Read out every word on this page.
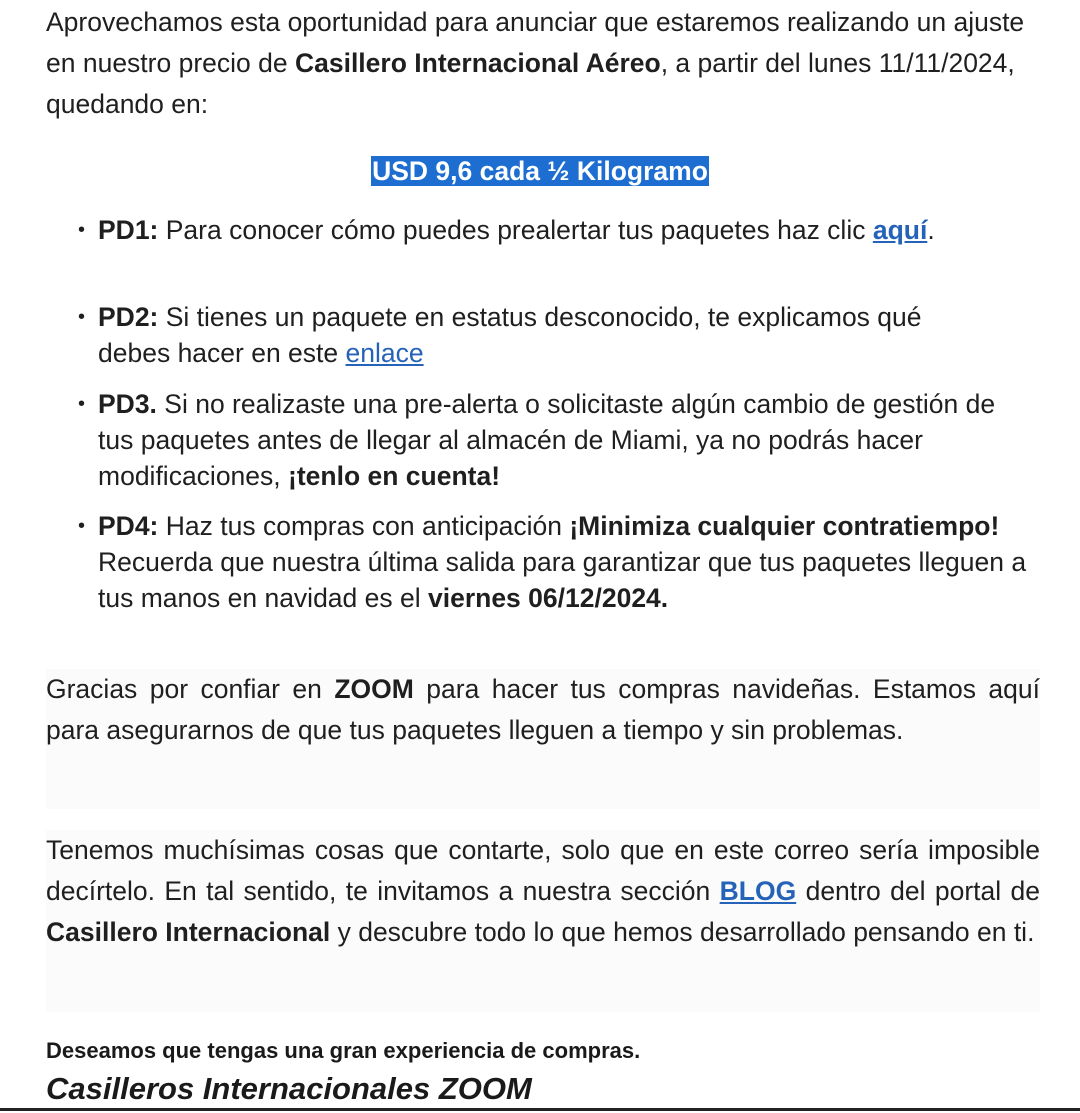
Aprovechamos esta oportunidad para anunciar que estaremos realizando un ajuste en nuestro precio de Casillero Internacional Aéreo, a partir del lunes 11/11/2024, quedando en:
USD 9,6 cada ½ Kilogramo
• PD1: Para conocer cómo puedes prealertar tus paquetes haz clic aquí.
• PD2: Si tienes un paquete en estatus desconocido, te explicamos qué debes hacer en este enlace
• PD3. Si no realizaste una pre-alerta o solicitaste algún cambio de gestión de tus paquetes antes de llegar al almacén de Miami, ya no podrás hacer modificaciones, ¡tenlo en cuenta!
• PD4: Haz tus compras con anticipación ¡Minimiza cualquier contratiempo! Recuerda que nuestra última salida para garantizar que tus paquetes lleguen a tus manos en navidad es el viernes 06/12/2024.
Gracias por confiar en ZOOM para hacer tus compras navideñas. Estamos aquí para asegurarnos de que tus paquetes lleguen a tiempo y sin problemas.
Tenemos muchísimas cosas que contarte, solo que en este correo sería imposible decírtelo. En tal sentido, te invitamos a nuestra sección BLOG dentro del portal de Casillero Internacional y descubre todo lo que hemos desarrollado pensando en ti.
Deseamos que tengas una gran experiencia de compras.
Casilleros Internacionales ZOOM
